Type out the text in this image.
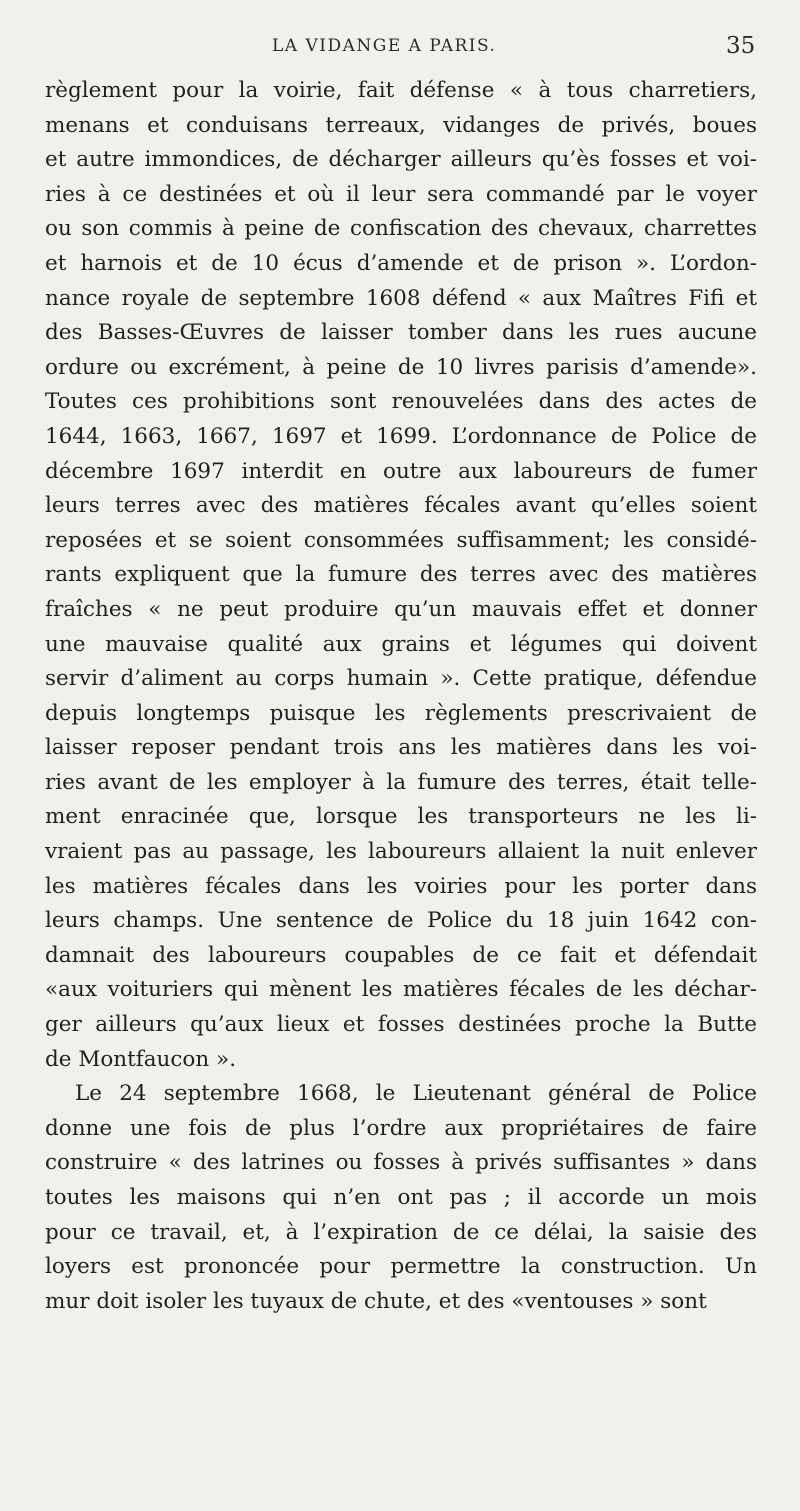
LA VIDANGE A PARIS.	35
règlement pour la voirie, fait défense « à tous charretiers,
menans et conduisans terreaux, vidanges de privés, boues
et autre immondices, de décharger ailleurs qu’ès fosses et voi-
ries à ce destinées et où il leur sera commandé par le voyer
ou son commis à peine de confiscation des chevaux, charrettes
et harnois et de 10 écus d’amende et de prison ». L’ordon-
nance royale de septembre 1608 défend « aux Maîtres Fifi et
des Basses-Œuvres de laisser tomber dans les rues aucune
ordure ou excrément, à peine de 10 livres parisis d’amende».
Toutes ces prohibitions sont renouvelées dans des actes de
1644, 1663, 1667, 1697 et 1699. L’ordonnance de Police de
décembre 1697 interdit en outre aux laboureurs de fumer
leurs terres avec des matières fécales avant qu’elles soient
reposées et se soient consommées suffisamment; les considé-
rants expliquent que la fumure des terres avec des matières
fraîches « ne peut produire qu’un mauvais effet et donner
une mauvaise qualité aux grains et légumes qui doivent
servir d’aliment au corps humain ». Cette pratique, défendue
depuis longtemps puisque les règlements prescrivaient de
laisser reposer pendant trois ans les matières dans les voi-
ries avant de les employer à la fumure des terres, était telle-
ment enracinée que, lorsque les transporteurs ne les li-
vraient pas au passage, les laboureurs allaient la nuit enlever
les matières fécales dans les voiries pour les porter dans
leurs champs. Une sentence de Police du 18 juin 1642 con-
damnait des laboureurs coupables de ce fait et défendait
«aux voituriers qui mènent les matières fécales de les déchar-
ger ailleurs qu’aux lieux et fosses destinées proche la Butte
de Montfaucon ».
Le 24 septembre 1668, le Lieutenant général de Police
donne une fois de plus l’ordre aux propriétaires de faire
construire « des latrines ou fosses à privés suffisantes » dans
toutes les maisons qui n’en ont pas ; il accorde un mois
pour ce travail, et, à l’expiration de ce délai, la saisie des
loyers est prononcée pour permettre la construction. Un
mur doit isoler les tuyaux de chute, et des «ventouses » sont
